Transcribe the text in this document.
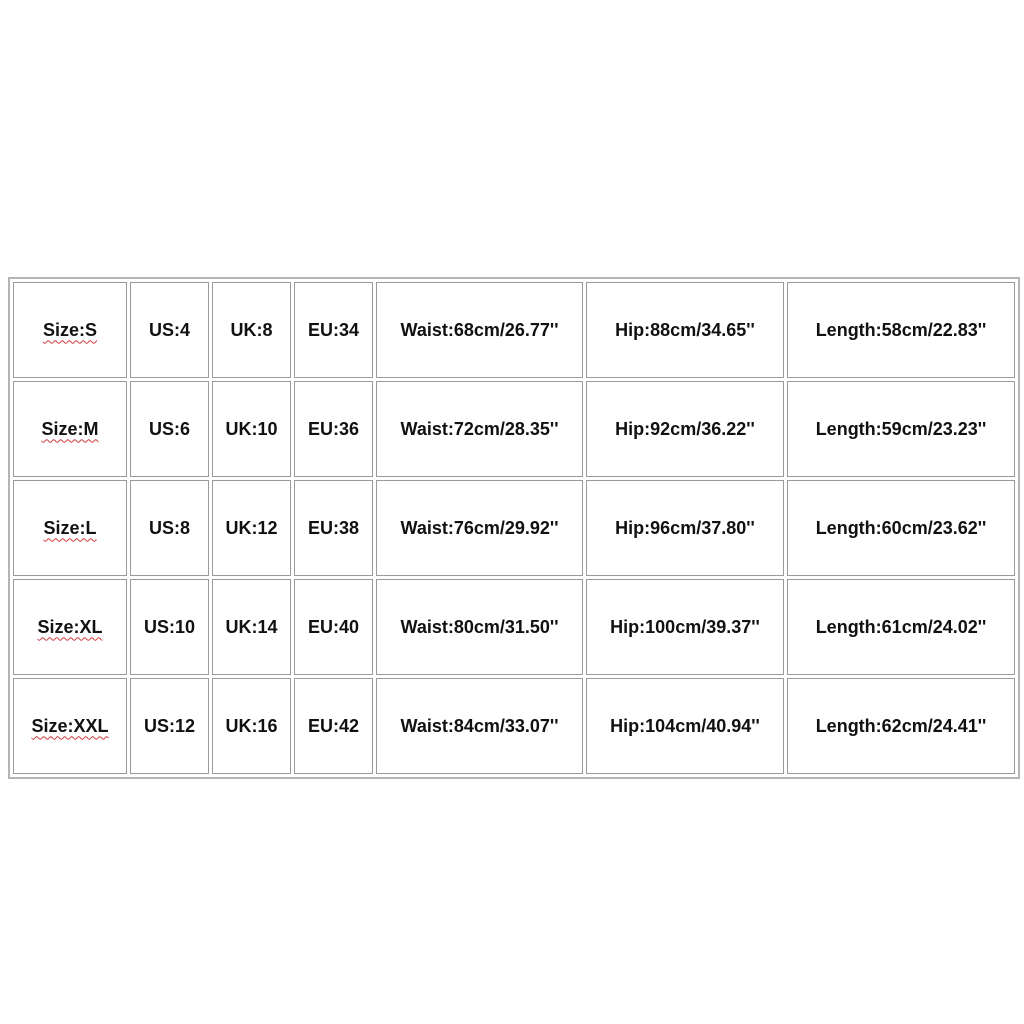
Size:S	US:4	UK:8	EU:34	Waist:68cm/26.77''	Hip:88cm/34.65''	Length:58cm/22.83''
Size:M	US:6	UK:10	EU:36	Waist:72cm/28.35''	Hip:92cm/36.22''	Length:59cm/23.23''
Size:L	US:8	UK:12	EU:38	Waist:76cm/29.92''	Hip:96cm/37.80''	Length:60cm/23.62''
Size:XL	US:10	UK:14	EU:40	Waist:80cm/31.50''	Hip:100cm/39.37''	Length:61cm/24.02''
Size:XXL	US:12	UK:16	EU:42	Waist:84cm/33.07''	Hip:104cm/40.94''	Length:62cm/24.41''
